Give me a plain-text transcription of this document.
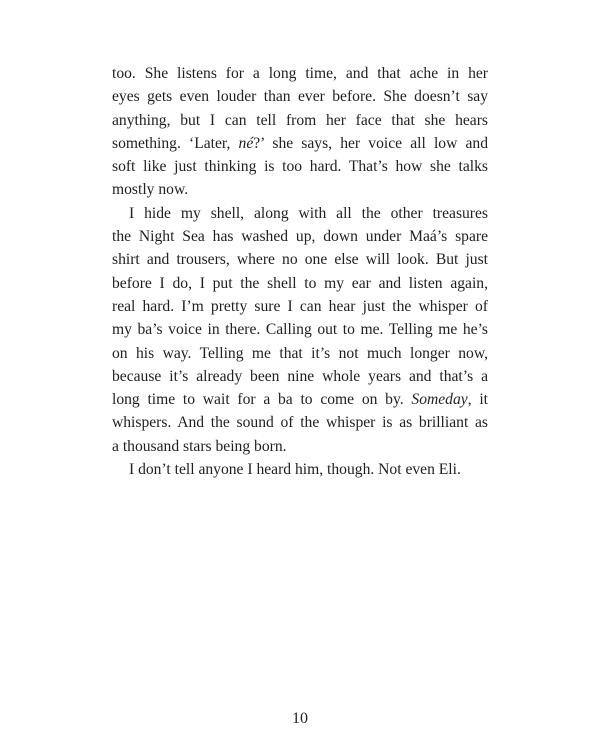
too. She listens for a long time, and that ache in her
eyes gets even louder than ever before. She doesn’t say
anything, but I can tell from her face that she hears
something. ‘Later, né?’ she says, her voice all low and
soft like just thinking is too hard. That’s how she talks
mostly now.
I hide my shell, along with all the other treasures
the Night Sea has washed up, down under Maá’s spare
shirt and trousers, where no one else will look. But just
before I do, I put the shell to my ear and listen again,
real hard. I’m pretty sure I can hear just the whisper of
my ba’s voice in there. Calling out to me. Telling me he’s
on his way. Telling me that it’s not much longer now,
because it’s already been nine whole years and that’s a
long time to wait for a ba to come on by. Someday, it
whispers. And the sound of the whisper is as brilliant as
a thousand stars being born.
I don’t tell anyone I heard him, though. Not even Eli.
10
